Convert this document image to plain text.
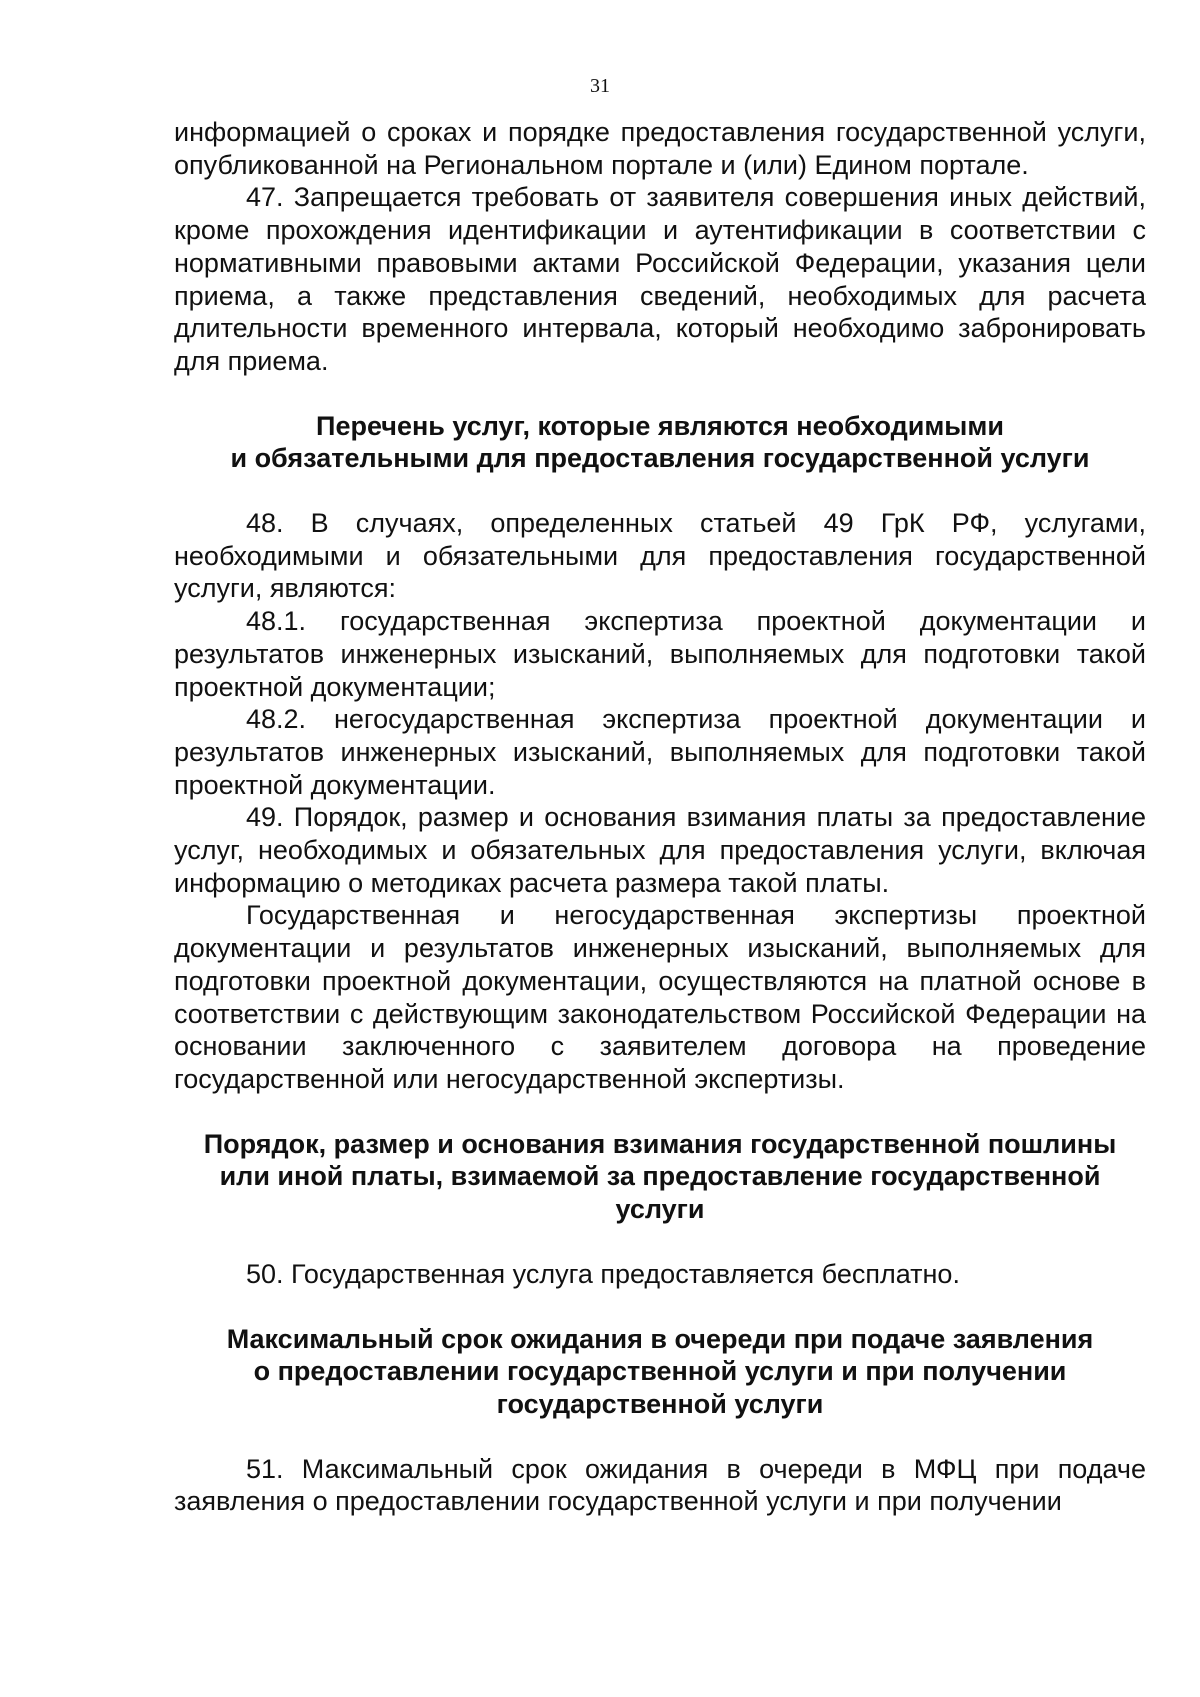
31

информацией о сроках и порядке предоставления государственной услуги, опубликованной на Региональном портале и (или) Едином портале.

47. Запрещается требовать от заявителя совершения иных действий, кроме прохождения идентификации и аутентификации в соответствии с нормативными правовыми актами Российской Федерации, указания цели приема, а также представления сведений, необходимых для расчета длительности временного интервала, который необходимо забронировать для приема.

Перечень услуг, которые являются необходимыми
и обязательными для предоставления государственной услуги

48. В случаях, определенных статьей 49 ГрК РФ, услугами, необходимыми и обязательными для предоставления государственной услуги, являются:

48.1. государственная экспертиза проектной документации и результатов инженерных изысканий, выполняемых для подготовки такой проектной документации;

48.2. негосударственная экспертиза проектной документации и результатов инженерных изысканий, выполняемых для подготовки такой проектной документации.

49. Порядок, размер и основания взимания платы за предоставление услуг, необходимых и обязательных для предоставления услуги, включая информацию о методиках расчета размера такой платы.

Государственная и негосударственная экспертизы проектной документации и результатов инженерных изысканий, выполняемых для подготовки проектной документации, осуществляются на платной основе в соответствии с действующим законодательством Российской Федерации на основании заключенного с заявителем договора на проведение государственной или негосударственной экспертизы.

Порядок, размер и основания взимания государственной пошлины
или иной платы, взимаемой за предоставление государственной
услуги

50. Государственная услуга предоставляется бесплатно.

Максимальный срок ожидания в очереди при подаче заявления
о предоставлении государственной услуги и при получении
государственной услуги

51. Максимальный срок ожидания в очереди в МФЦ при подаче заявления о предоставлении государственной услуги и при получении
